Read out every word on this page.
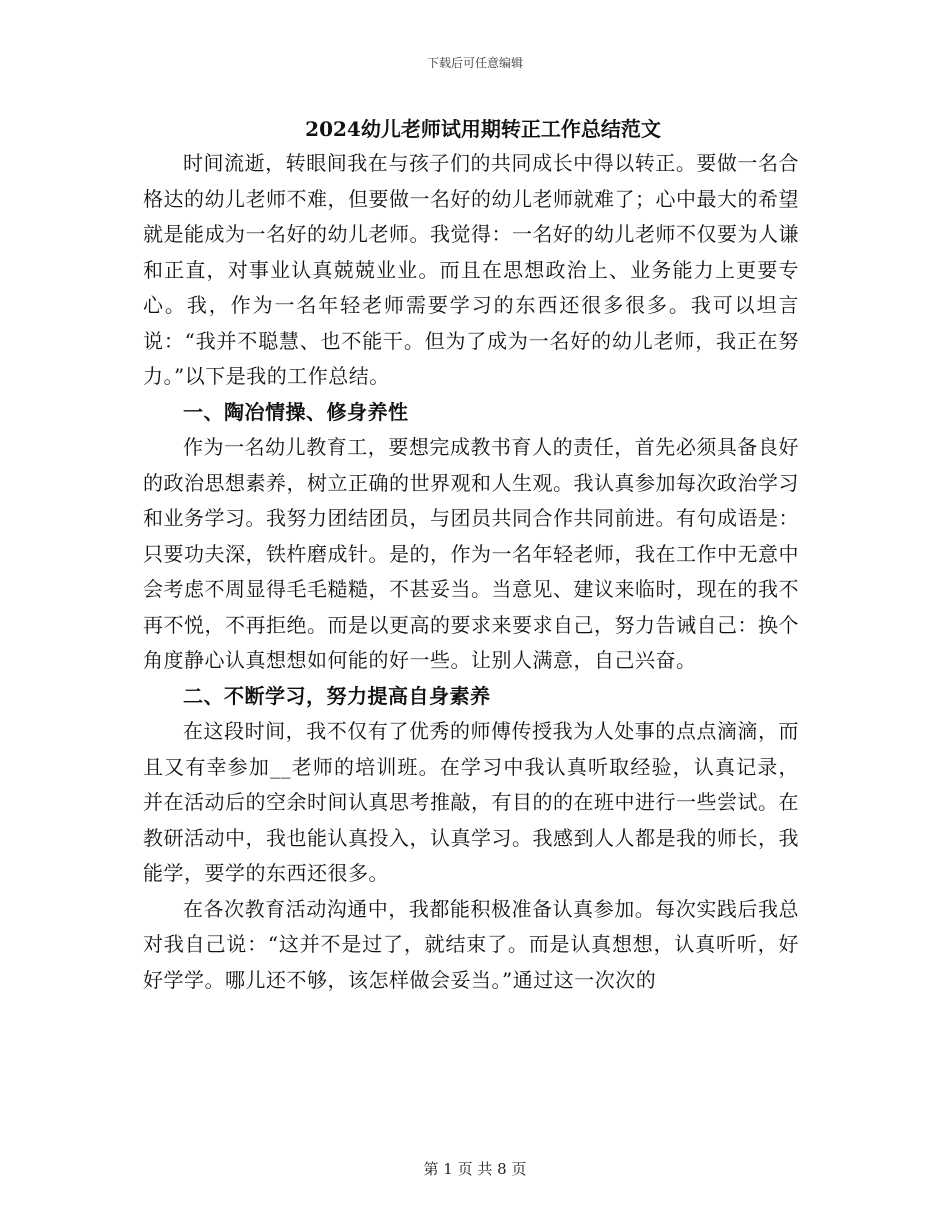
下载后可任意编辑

2024幼儿老师试用期转正工作总结范文

时间流逝，转眼间我在与孩子们的共同成长中得以转正。要做一名合格达的幼儿老师不难，但要做一名好的幼儿老师就难了；心中最大的希望就是能成为一名好的幼儿老师。我觉得：一名好的幼儿老师不仅要为人谦和正直，对事业认真兢兢业业。而且在思想政治上、业务能力上更要专心。我，作为一名年轻老师需要学习的东西还很多很多。我可以坦言说：“我并不聪慧、也不能干。但为了成为一名好的幼儿老师，我正在努力。”以下是我的工作总结。

一、陶冶情操、修身养性

作为一名幼儿教育工，要想完成教书育人的责任，首先必须具备良好的政治思想素养，树立正确的世界观和人生观。我认真参加每次政治学习和业务学习。我努力团结团员，与团员共同合作共同前进。有句成语是：只要功夫深，铁杵磨成针。是的，作为一名年轻老师，我在工作中无意中会考虑不周显得毛毛糙糙，不甚妥当。当意见、建议来临时，现在的我不再不悦，不再拒绝。而是以更高的要求来要求自己，努力告诫自己：换个角度静心认真想想如何能的好一些。让别人满意，自己兴奋。

二、不断学习，努力提高自身素养

在这段时间，我不仅有了优秀的师傅传授我为人处事的点点滴滴，而且又有幸参加__老师的培训班。在学习中我认真听取经验，认真记录，并在活动后的空余时间认真思考推敲，有目的的在班中进行一些尝试。在教研活动中，我也能认真投入，认真学习。我感到人人都是我的师长，我能学，要学的东西还很多。

在各次教育活动沟通中，我都能积极准备认真参加。每次实践后我总对我自己说：“这并不是过了，就结束了。而是认真想想，认真听听，好好学学。哪儿还不够，该怎样做会妥当。”通过这一次次的

第 1 页 共 8 页
